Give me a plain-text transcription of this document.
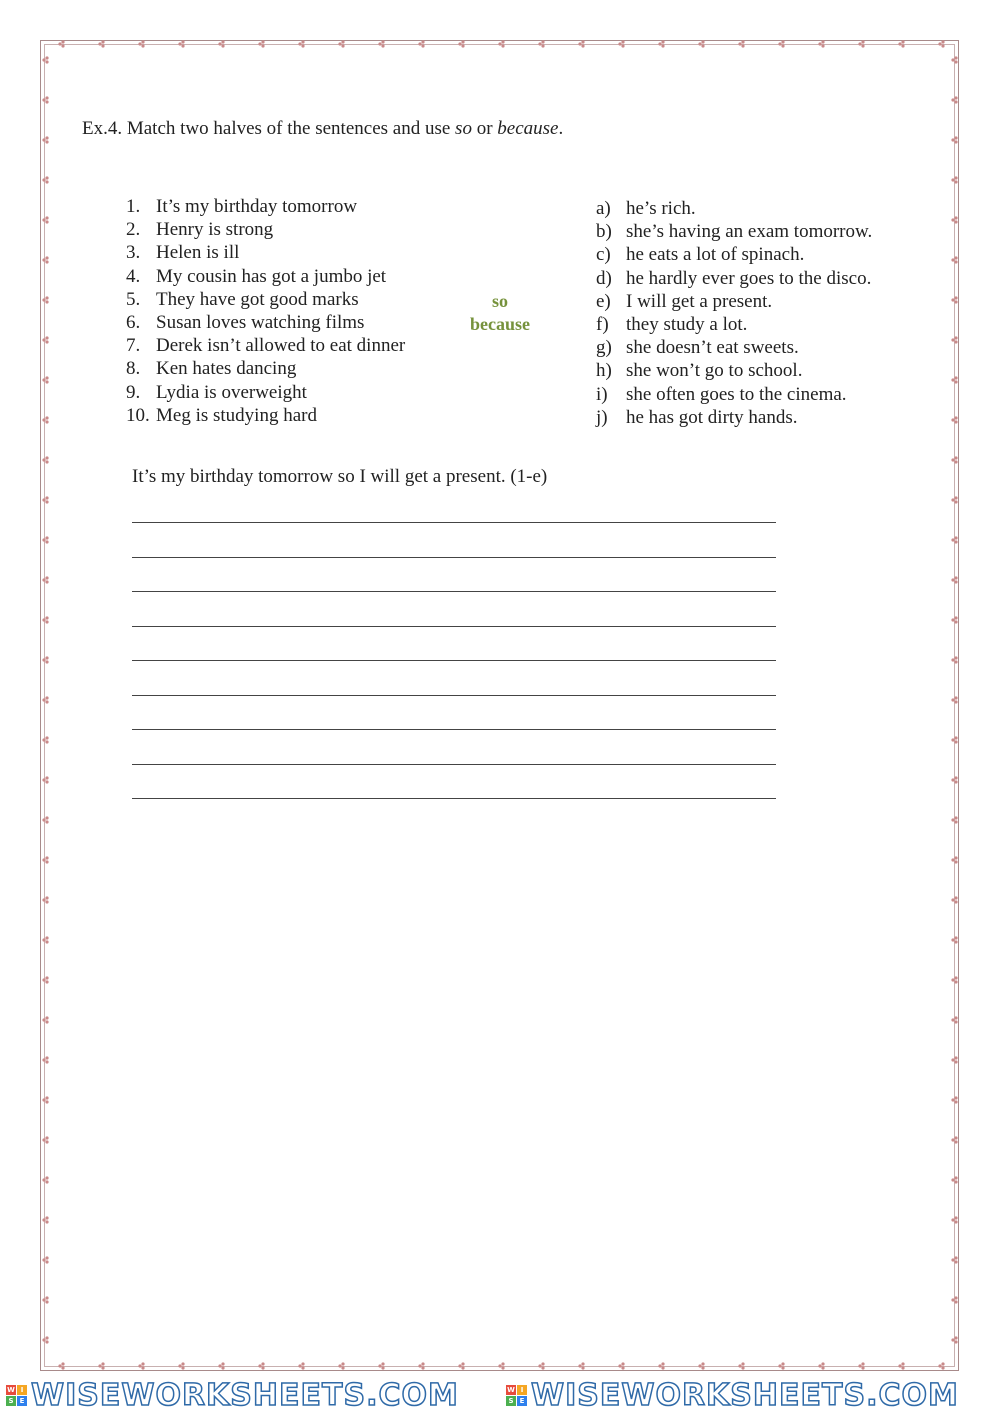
Ex.4. Match two halves of the sentences and use so or because.
1. It’s my birthday tomorrow
2. Henry is strong
3. Helen is ill
4. My cousin has got a jumbo jet
5. They have got good marks
6. Susan loves watching films
7. Derek isn’t allowed to eat dinner
8. Ken hates dancing
9. Lydia is overweight
10. Meg is studying hard
so
because
a) he’s rich.
b) she’s having an exam tomorrow.
c) he eats a lot of spinach.
d) he hardly ever goes to the disco.
e) I will get a present.
f) they study a lot.
g) she doesn’t eat sweets.
h) she won’t go to school.
i) she often goes to the cinema.
j) he has got dirty hands.
It’s my birthday tomorrow so I will get a present. (1-e)
W I
S E WISEWORKSHEETS.COM	W I
S E WISEWORKSHEETS.COM
